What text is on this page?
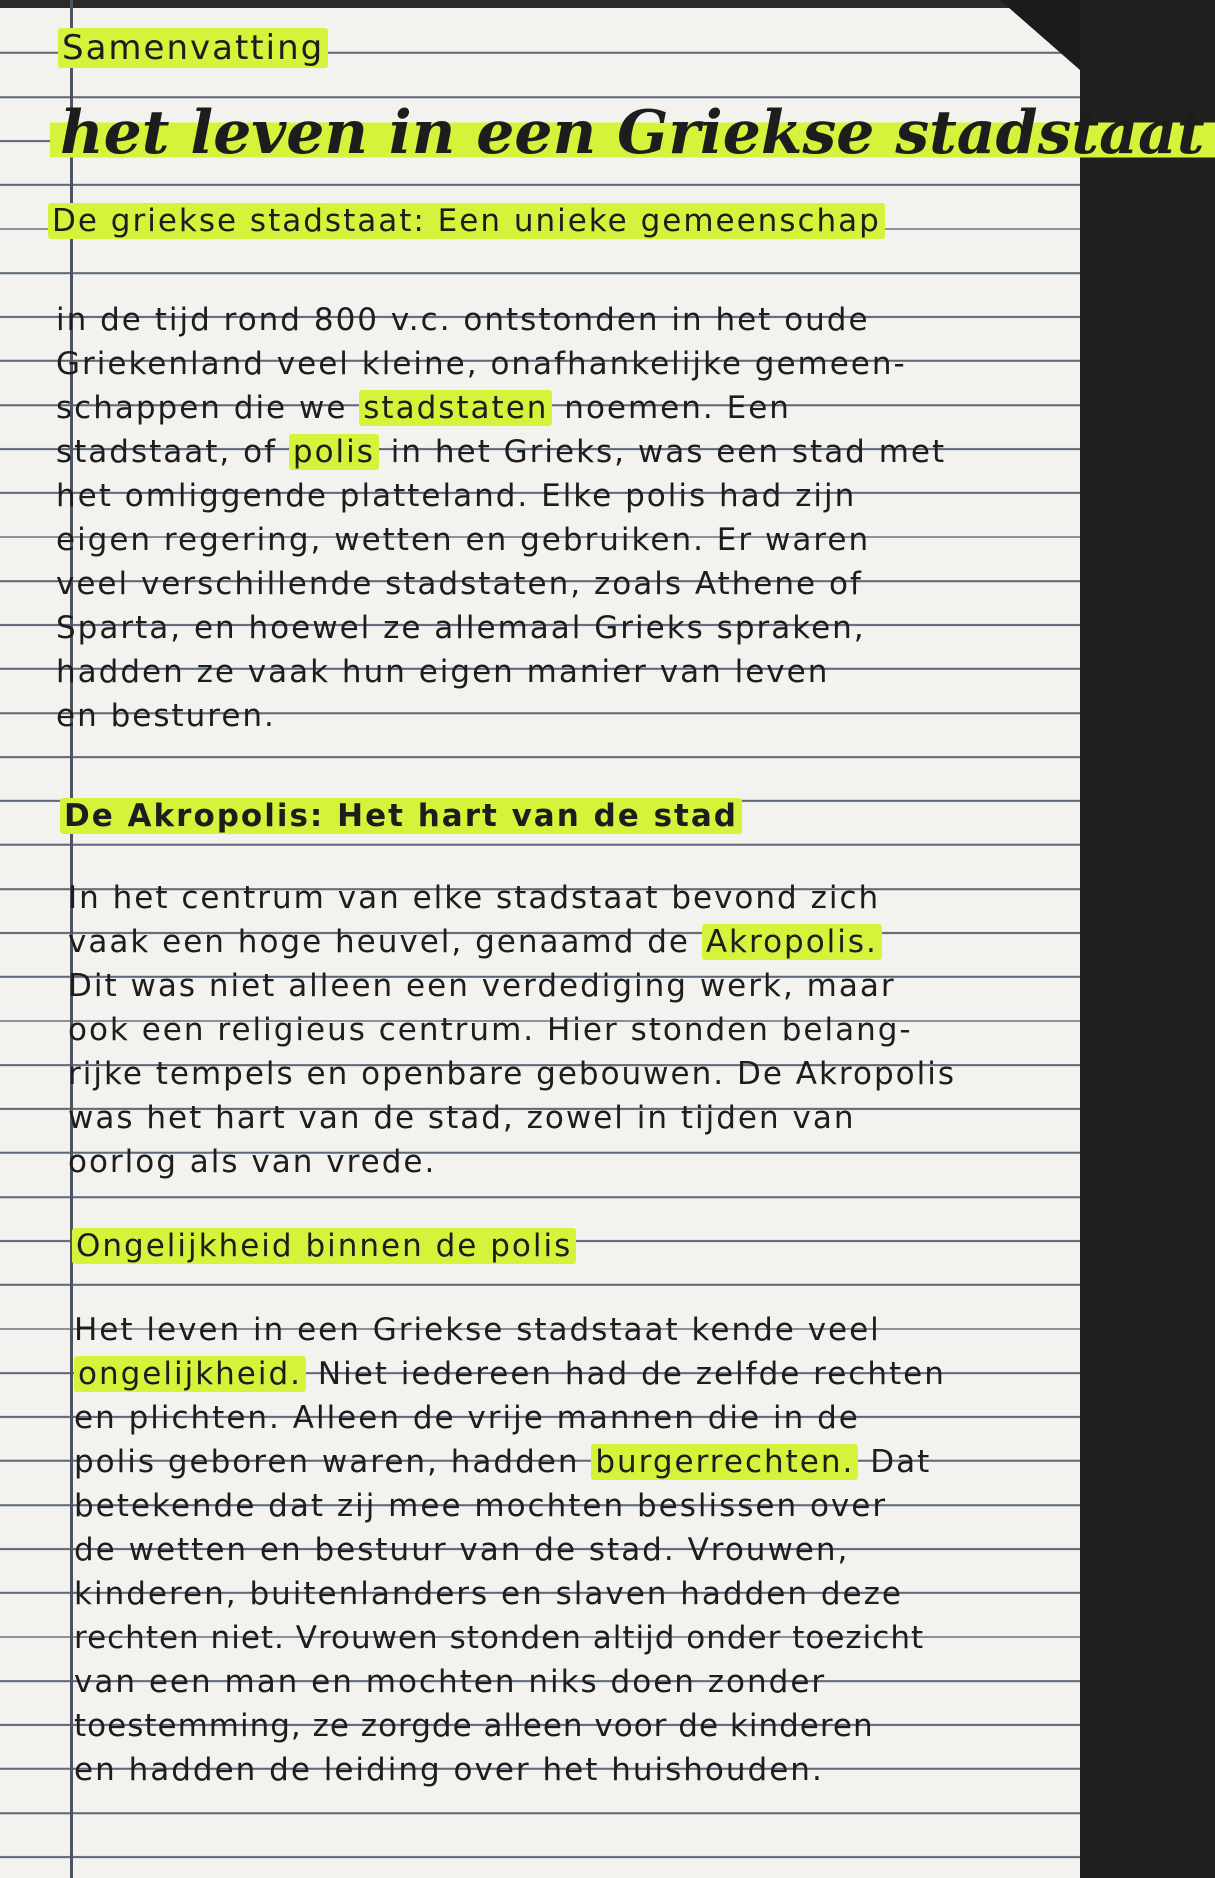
Samenvatting
het leven in een Griekse stadstaat
De griekse stadstaat: Een unieke gemeenschap
in de tijd rond 800 v.c. ontstonden in het oude
Griekenland veel kleine, onafhankelijke gemeen-
schappen die we stadstaten noemen. Een
stadstaat, of polis in het Grieks, was een stad met
het omliggende platteland. Elke polis had zijn
eigen regering, wetten en gebruiken. Er waren
veel verschillende stadstaten, zoals Athene of
Sparta, en hoewel ze allemaal Grieks spraken,
hadden ze vaak hun eigen manier van leven
en besturen.
De Akropolis: Het hart van de stad
In het centrum van elke stadstaat bevond zich
vaak een hoge heuvel, genaamd de Akropolis.
Dit was niet alleen een verdediging werk, maar
ook een religieus centrum. Hier stonden belang-
rijke tempels en openbare gebouwen. De Akropolis
was het hart van de stad, zowel in tijden van
oorlog als van vrede.
Ongelijkheid binnen de polis
Het leven in een Griekse stadstaat kende veel
ongelijkheid. Niet iedereen had de zelfde rechten
en plichten. Alleen de vrije mannen die in de
polis geboren waren, hadden burgerrechten. Dat
betekende dat zij mee mochten beslissen over
de wetten en bestuur van de stad. Vrouwen,
kinderen, buitenlanders en slaven hadden deze
rechten niet. Vrouwen stonden altijd onder toezicht
van een man en mochten niks doen zonder
toestemming, ze zorgde alleen voor de kinderen
en hadden de leiding over het huishouden.
